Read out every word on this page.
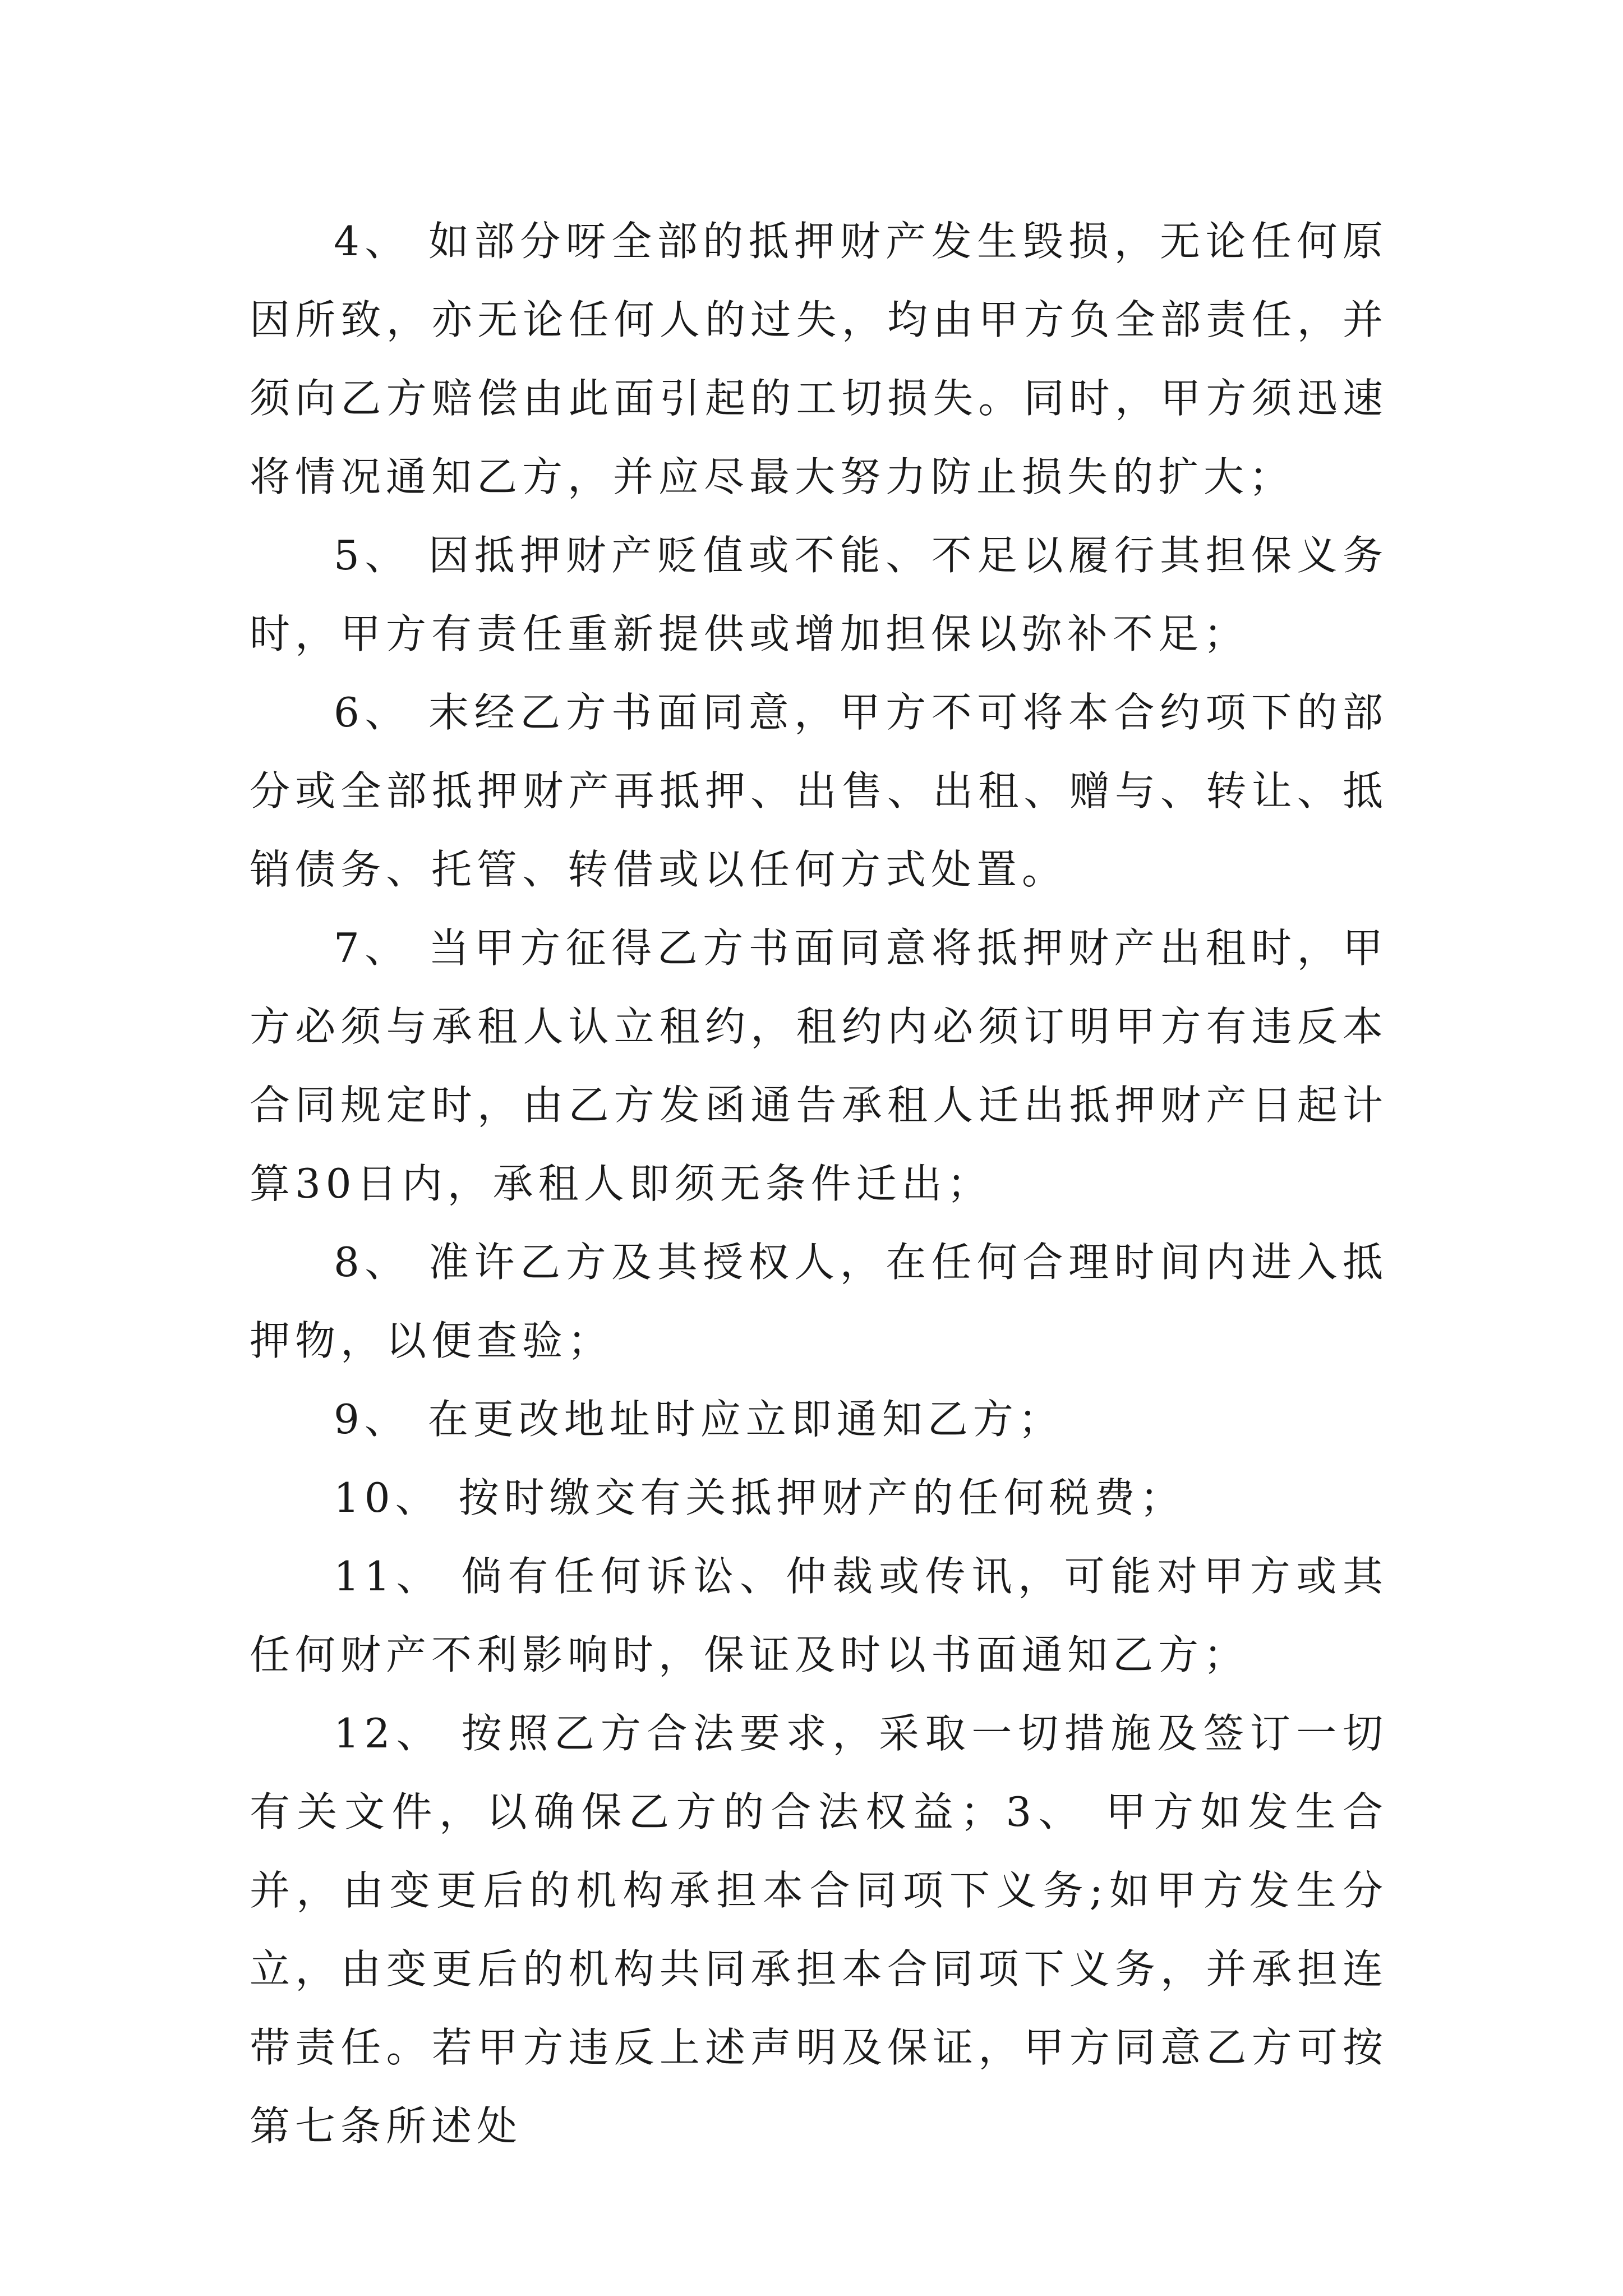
4、 如部分呀全部的抵押财产发生毁损，无论任何原因所致，亦无论任何人的过失，均由甲方负全部责任，并须向乙方赔偿由此面引起的工切损失。同时，甲方须迅速将情况通知乙方，并应尽最大努力防止损失的扩大；

5、 因抵押财产贬值或不能、不足以履行其担保义务时，甲方有责任重新提供或增加担保以弥补不足；

6、 末经乙方书面同意，甲方不可将本合约项下的部分或全部抵押财产再抵押、出售、出租、赠与、转让、抵销债务、托管、转借或以任何方式处置。

7、 当甲方征得乙方书面同意将抵押财产出租时，甲方必须与承租人认立租约，租约内必须订明甲方有违反本合同规定时，由乙方发函通告承租人迁出抵押财产日起计算30日内，承租人即须无条件迁出；

8、 准许乙方及其授权人，在任何合理时间内进入抵押物，以便查验；

9、 在更改地址时应立即通知乙方；

10、 按时缴交有关抵押财产的任何税费；

11、 倘有任何诉讼、仲裁或传讯，可能对甲方或其任何财产不利影响时，保证及时以书面通知乙方；

12、 按照乙方合法要求，采取一切措施及签订一切有关文件，以确保乙方的合法权益；3、 甲方如发生合并，由变更后的机构承担本合同项下义务;如甲方发生分立，由变更后的机构共同承担本合同项下义务，并承担连带责任。若甲方违反上述声明及保证，甲方同意乙方可按第七条所述处
